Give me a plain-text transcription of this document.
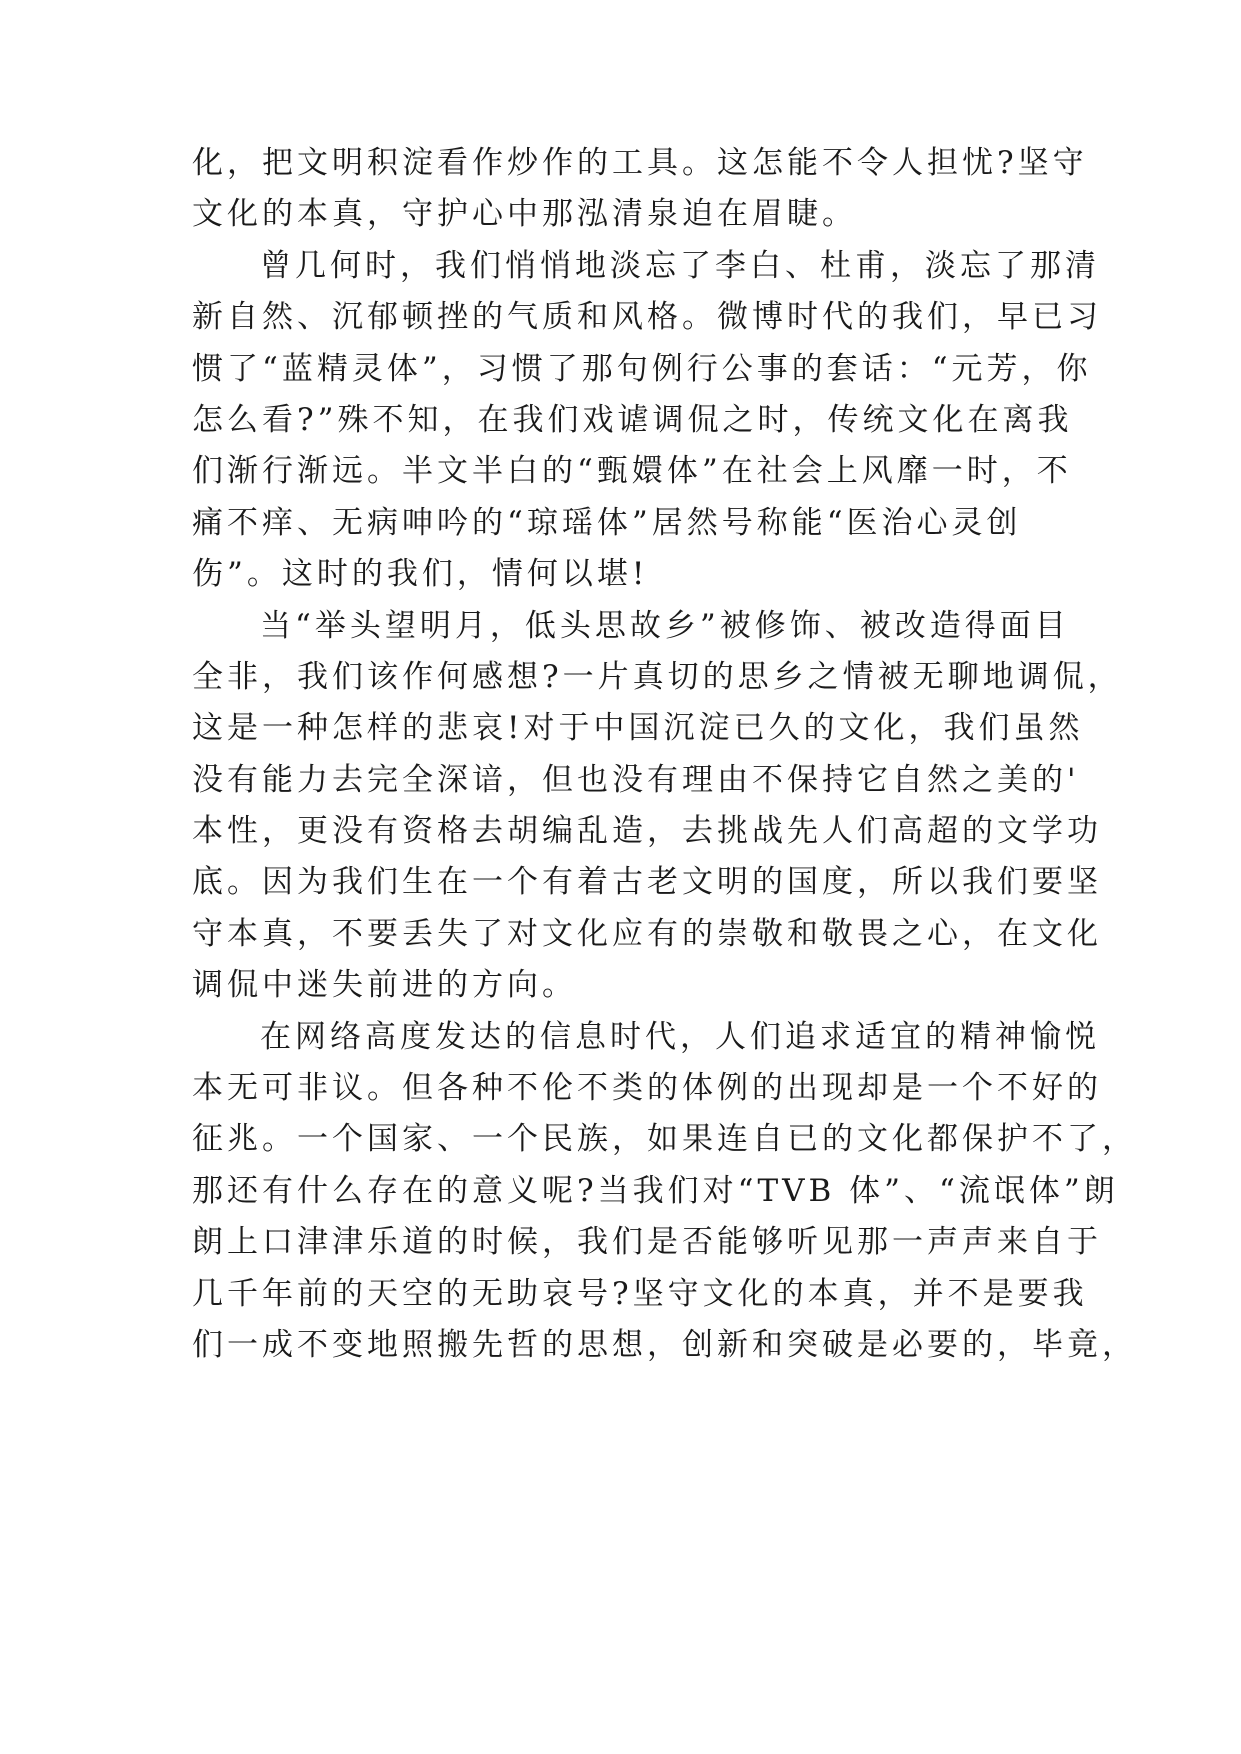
化，把文明积淀看作炒作的工具。这怎能不令人担忧?坚守
文化的本真，守护心中那泓清泉迫在眉睫。
曾几何时，我们悄悄地淡忘了李白、杜甫，淡忘了那清
新自然、沉郁顿挫的气质和风格。微博时代的我们，早已习
惯了“蓝精灵体”，习惯了那句例行公事的套话：“元芳，你
怎么看?”殊不知，在我们戏谑调侃之时，传统文化在离我
们渐行渐远。半文半白的“甄嬛体”在社会上风靡一时，不
痛不痒、无病呻吟的“琼瑶体”居然号称能“医治心灵创
伤”。这时的我们，情何以堪!
当“举头望明月，低头思故乡”被修饰、被改造得面目
全非，我们该作何感想?一片真切的思乡之情被无聊地调侃，
这是一种怎样的悲哀!对于中国沉淀已久的文化，我们虽然
没有能力去完全深谙，但也没有理由不保持它自然之美的'
本性，更没有资格去胡编乱造，去挑战先人们高超的文学功
底。因为我们生在一个有着古老文明的国度，所以我们要坚
守本真，不要丢失了对文化应有的崇敬和敬畏之心，在文化
调侃中迷失前进的方向。
在网络高度发达的信息时代，人们追求适宜的精神愉悦
本无可非议。但各种不伦不类的体例的出现却是一个不好的
征兆。一个国家、一个民族，如果连自已的文化都保护不了，
那还有什么存在的意义呢?当我们对“TVB 体”、“流氓体”朗
朗上口津津乐道的时候，我们是否能够听见那一声声来自于
几千年前的天空的无助哀号?坚守文化的本真，并不是要我
们一成不变地照搬先哲的思想，创新和突破是必要的，毕竟，
